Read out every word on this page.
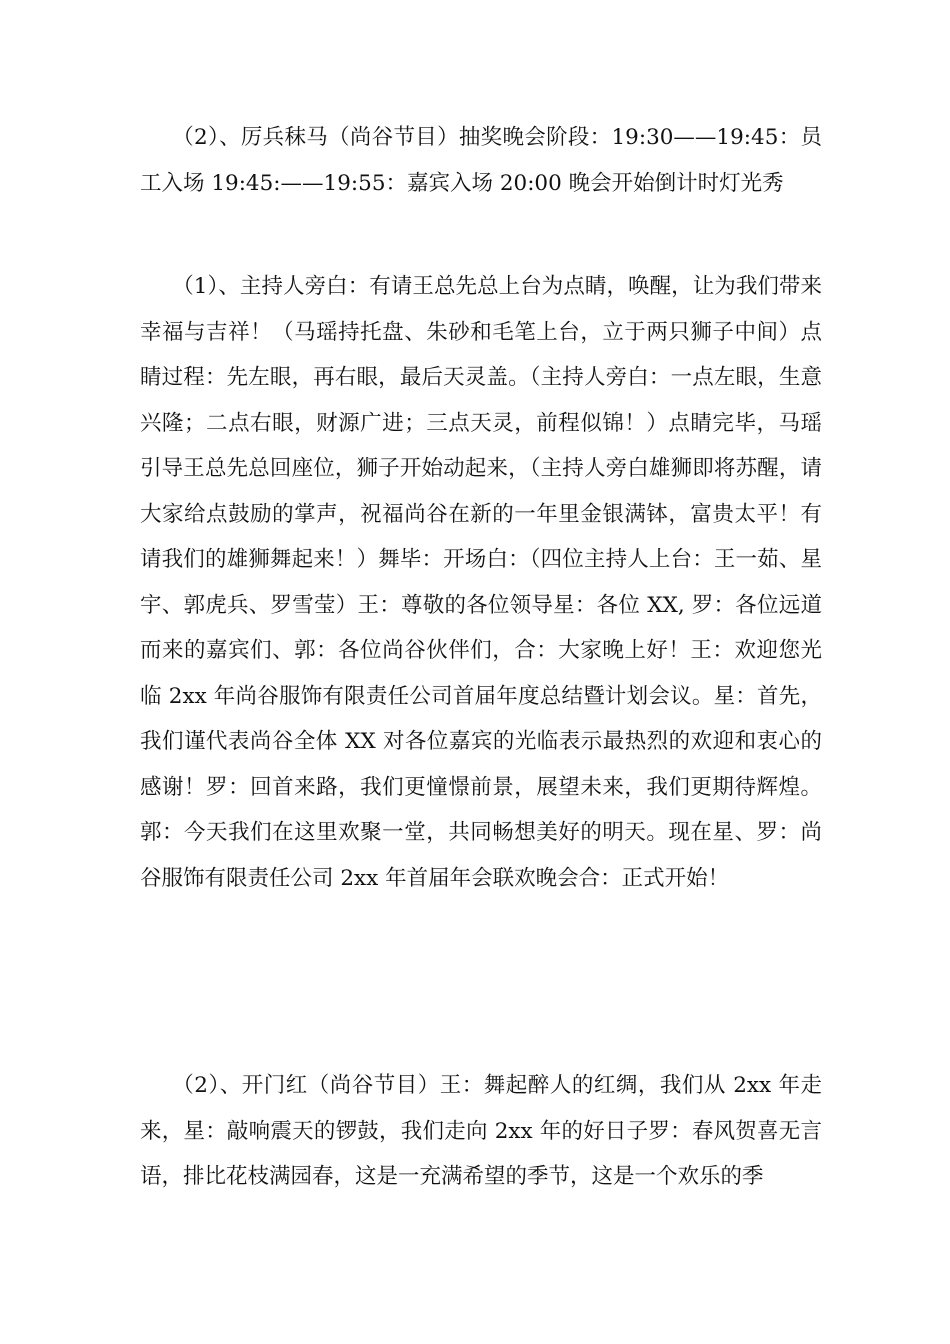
（2）、厉兵秣马（尚谷节目）抽奖晚会阶段：19:30——19:45：员工入场 19:45:——19:55：嘉宾入场 20:00 晚会开始倒计时灯光秀

（1）、主持人旁白：有请王总先总上台为点睛，唤醒，让为我们带来幸福与吉祥！（马瑶持托盘、朱砂和毛笔上台，立于两只狮子中间）点睛过程：先左眼，再右眼，最后天灵盖。（主持人旁白：一点左眼，生意兴隆；二点右眼，财源广进；三点天灵，前程似锦！）点睛完毕，马瑶引导王总先总回座位，狮子开始动起来，（主持人旁白雄狮即将苏醒，请大家给点鼓励的掌声，祝福尚谷在新的一年里金银满钵，富贵太平！有请我们的雄狮舞起来！）舞毕：开场白：（四位主持人上台：王一茹、星宇、郭虎兵、罗雪莹）王：尊敬的各位领导星：各位 XX, 罗：各位远道而来的嘉宾们、郭：各位尚谷伙伴们，合：大家晚上好！王：欢迎您光临 2xx 年尚谷服饰有限责任公司首届年度总结暨计划会议。星：首先，我们谨代表尚谷全体 XX 对各位嘉宾的光临表示最热烈的欢迎和衷心的感谢！罗：回首来路，我们更憧憬前景，展望未来，我们更期待辉煌。郭：今天我们在这里欢聚一堂，共同畅想美好的明天。现在星、罗：尚谷服饰有限责任公司 2xx 年首届年会联欢晚会合：正式开始！

（2）、开门红（尚谷节目）王：舞起醉人的红绸，我们从 2xx 年走来，星：敲响震天的锣鼓，我们走向 2xx 年的好日子罗：春风贺喜无言语，排比花枝满园春，这是一充满希望的季节，这是一个欢乐的季
